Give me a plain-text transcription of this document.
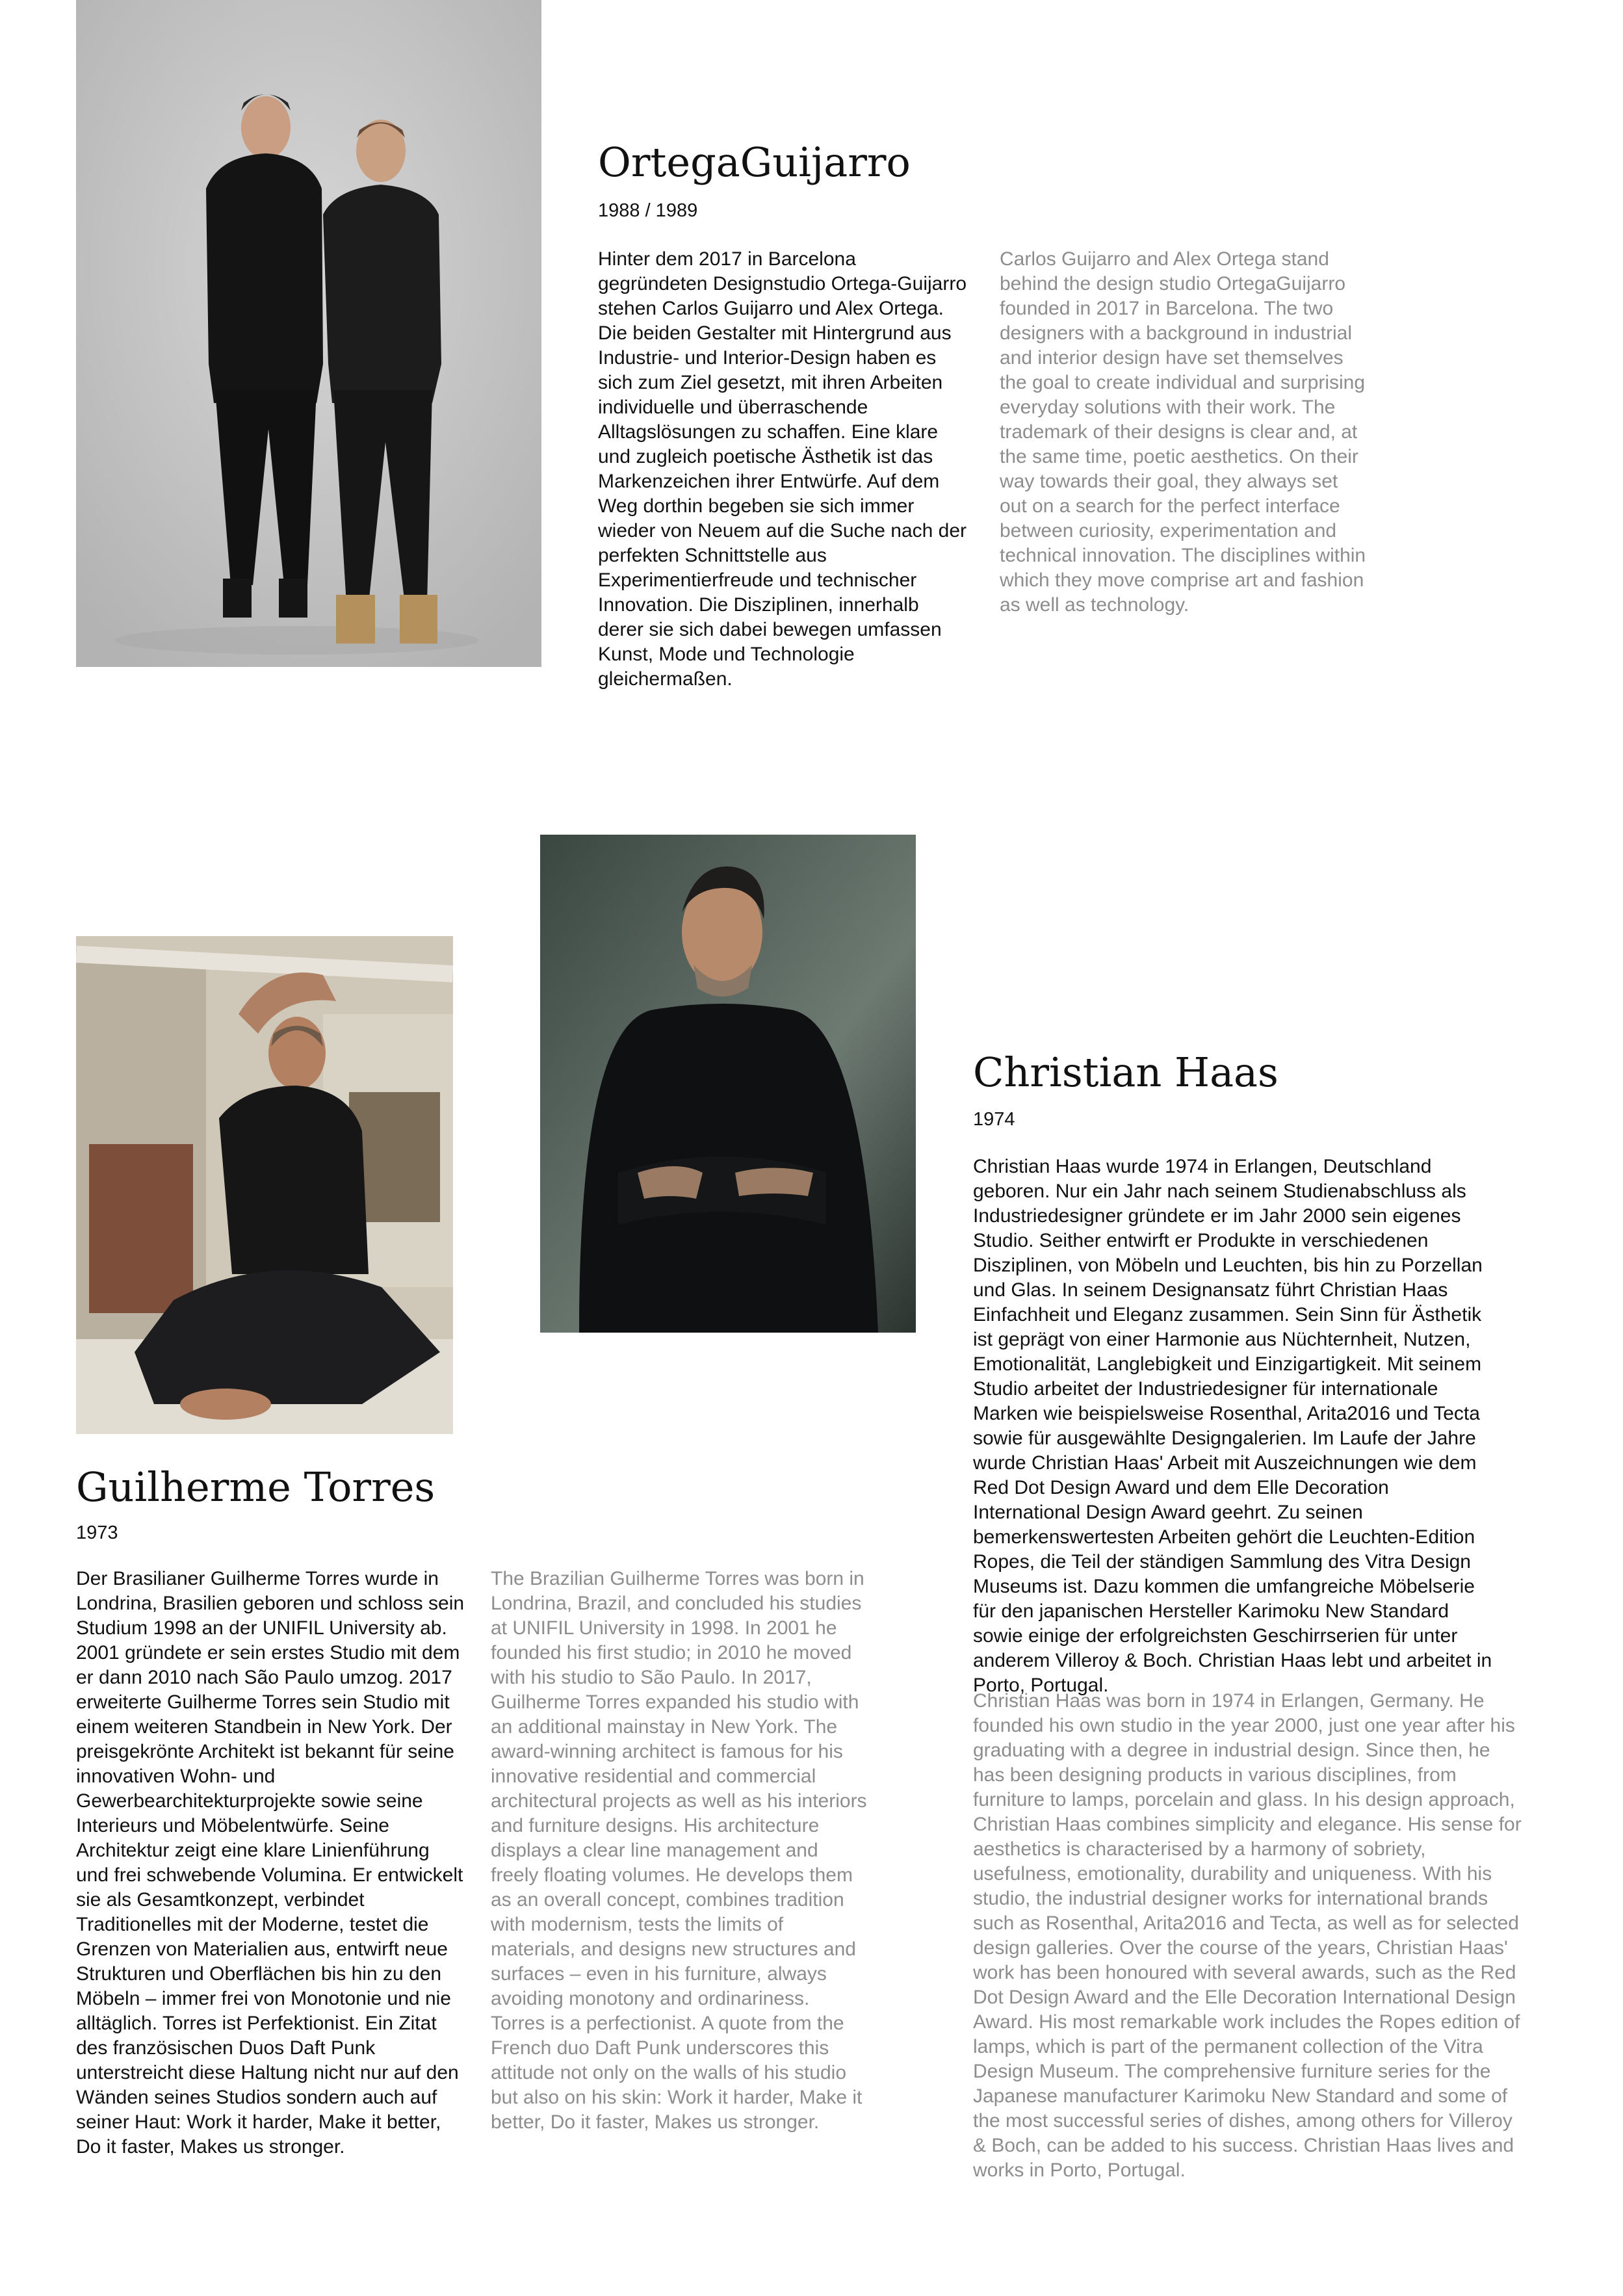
OrtegaGuijarro

1988 / 1989

Hinter dem 2017 in Barcelona gegründeten Designstudio Ortega-Guijarro stehen Carlos Guijarro und Alex Ortega. Die beiden Gestalter mit Hintergrund aus Industrie- und Interior-Design haben es sich zum Ziel gesetzt, mit ihren Arbeiten individuelle und überraschende Alltagslösungen zu schaffen. Eine klare und zugleich poetische Ästhetik ist das Markenzeichen ihrer Entwürfe. Auf dem Weg dorthin begeben sie sich immer wieder von Neuem auf die Suche nach der perfekten Schnittstelle aus Experimentierfreude und technischer Innovation. Die Disziplinen, innerhalb derer sie sich dabei bewegen umfassen Kunst, Mode und Technologie gleichermaßen.

Carlos Guijarro and Alex Ortega stand behind the design studio OrtegaGuijarro founded in 2017 in Barcelona. The two designers with a background in industrial and interior design have set themselves the goal to create individual and surprising everyday solutions with their work. The trademark of their designs is clear and, at the same time, poetic aesthetics. On their way towards their goal, they always set out on a search for the perfect interface between curiosity, experimentation and technical innovation. The disciplines within which they move comprise art and fashion as well as technology.

Christian Haas

1974

Christian Haas wurde 1974 in Erlangen, Deutschland geboren. Nur ein Jahr nach seinem Studienabschluss als Industriedesigner gründete er im Jahr 2000 sein eigenes Studio. Seither entwirft er Produkte in verschiedenen Disziplinen, von Möbeln und Leuchten, bis hin zu Porzellan und Glas. In seinem Designansatz führt Christian Haas Einfachheit und Eleganz zusammen. Sein Sinn für Ästhetik ist geprägt von einer Harmonie aus Nüchternheit, Nutzen, Emotionalität, Langlebigkeit und Einzigartigkeit. Mit seinem Studio arbeitet der Industriedesigner für internationale Marken wie beispielsweise Rosenthal, Arita2016 und Tecta sowie für ausgewählte Designgalerien. Im Laufe der Jahre wurde Christian Haas' Arbeit mit Auszeichnungen wie dem Red Dot Design Award und dem Elle Decoration International Design Award geehrt. Zu seinen bemerkenswertesten Arbeiten gehört die Leuchten-Edition Ropes, die Teil der ständigen Sammlung des Vitra Design Museums ist. Dazu kommen die umfangreiche Möbelserie für den japanischen Hersteller Karimoku New Standard sowie einige der erfolgreichsten Geschirrserien für unter anderem Villeroy & Boch. Christian Haas lebt und arbeitet in Porto, Portugal.

Christian Haas was born in 1974 in Erlangen, Germany. He founded his own studio in the year 2000, just one year after his graduating with a degree in industrial design. Since then, he has been designing products in various disciplines, from furniture to lamps, porcelain and glass. In his design approach, Christian Haas combines simplicity and elegance. His sense for aesthetics is characterised by a harmony of sobriety, usefulness, emotionality, durability and uniqueness. With his studio, the industrial designer works for international brands such as Rosenthal, Arita2016 and Tecta, as well as for selected design galleries. Over the course of the years, Christian Haas' work has been honoured with several awards, such as the Red Dot Design Award and the Elle Decoration International Design Award. His most remarkable work includes the Ropes edition of lamps, which is part of the permanent collection of the Vitra Design Museum. The comprehensive furniture series for the Japanese manufacturer Karimoku New Standard and some of the most successful series of dishes, among others for Villeroy & Boch, can be added to his success. Christian Haas lives and works in Porto, Portugal.

Guilherme Torres

1973

Der Brasilianer Guilherme Torres wurde in Londrina, Brasilien geboren und schloss sein Studium 1998 an der UNIFIL University ab. 2001 gründete er sein erstes Studio mit dem er dann 2010 nach São Paulo umzog. 2017 erweiterte Guilherme Torres sein Studio mit einem weiteren Standbein in New York. Der preisgekrönte Architekt ist bekannt für seine innovativen Wohn- und Gewerbearchitekturprojekte sowie seine Interieurs und Möbelentwürfe. Seine Architektur zeigt eine klare Linienführung und frei schwebende Volumina. Er entwickelt sie als Gesamtkonzept, verbindet Traditionelles mit der Moderne, testet die Grenzen von Materialien aus, entwirft neue Strukturen und Oberflächen bis hin zu den Möbeln – immer frei von Monotonie und nie alltäglich. Torres ist Perfektionist. Ein Zitat des französischen Duos Daft Punk unterstreicht diese Haltung nicht nur auf den Wänden seines Studios sondern auch auf seiner Haut: Work it harder, Make it better, Do it faster, Makes us stronger.

The Brazilian Guilherme Torres was born in Londrina, Brazil, and concluded his studies at UNIFIL University in 1998. In 2001 he founded his first studio; in 2010 he moved with his studio to São Paulo. In 2017, Guilherme Torres expanded his studio with an additional mainstay in New York. The award-winning architect is famous for his innovative residential and commercial architectural projects as well as his interiors and furniture designs. His architecture displays a clear line management and freely floating volumes. He develops them as an overall concept, combines tradition with modernism, tests the limits of materials, and designs new structures and surfaces – even in his furniture, always avoiding monotony and ordinariness. Torres is a perfectionist. A quote from the French duo Daft Punk underscores this attitude not only on the walls of his studio but also on his skin: Work it harder, Make it better, Do it faster, Makes us stronger.
